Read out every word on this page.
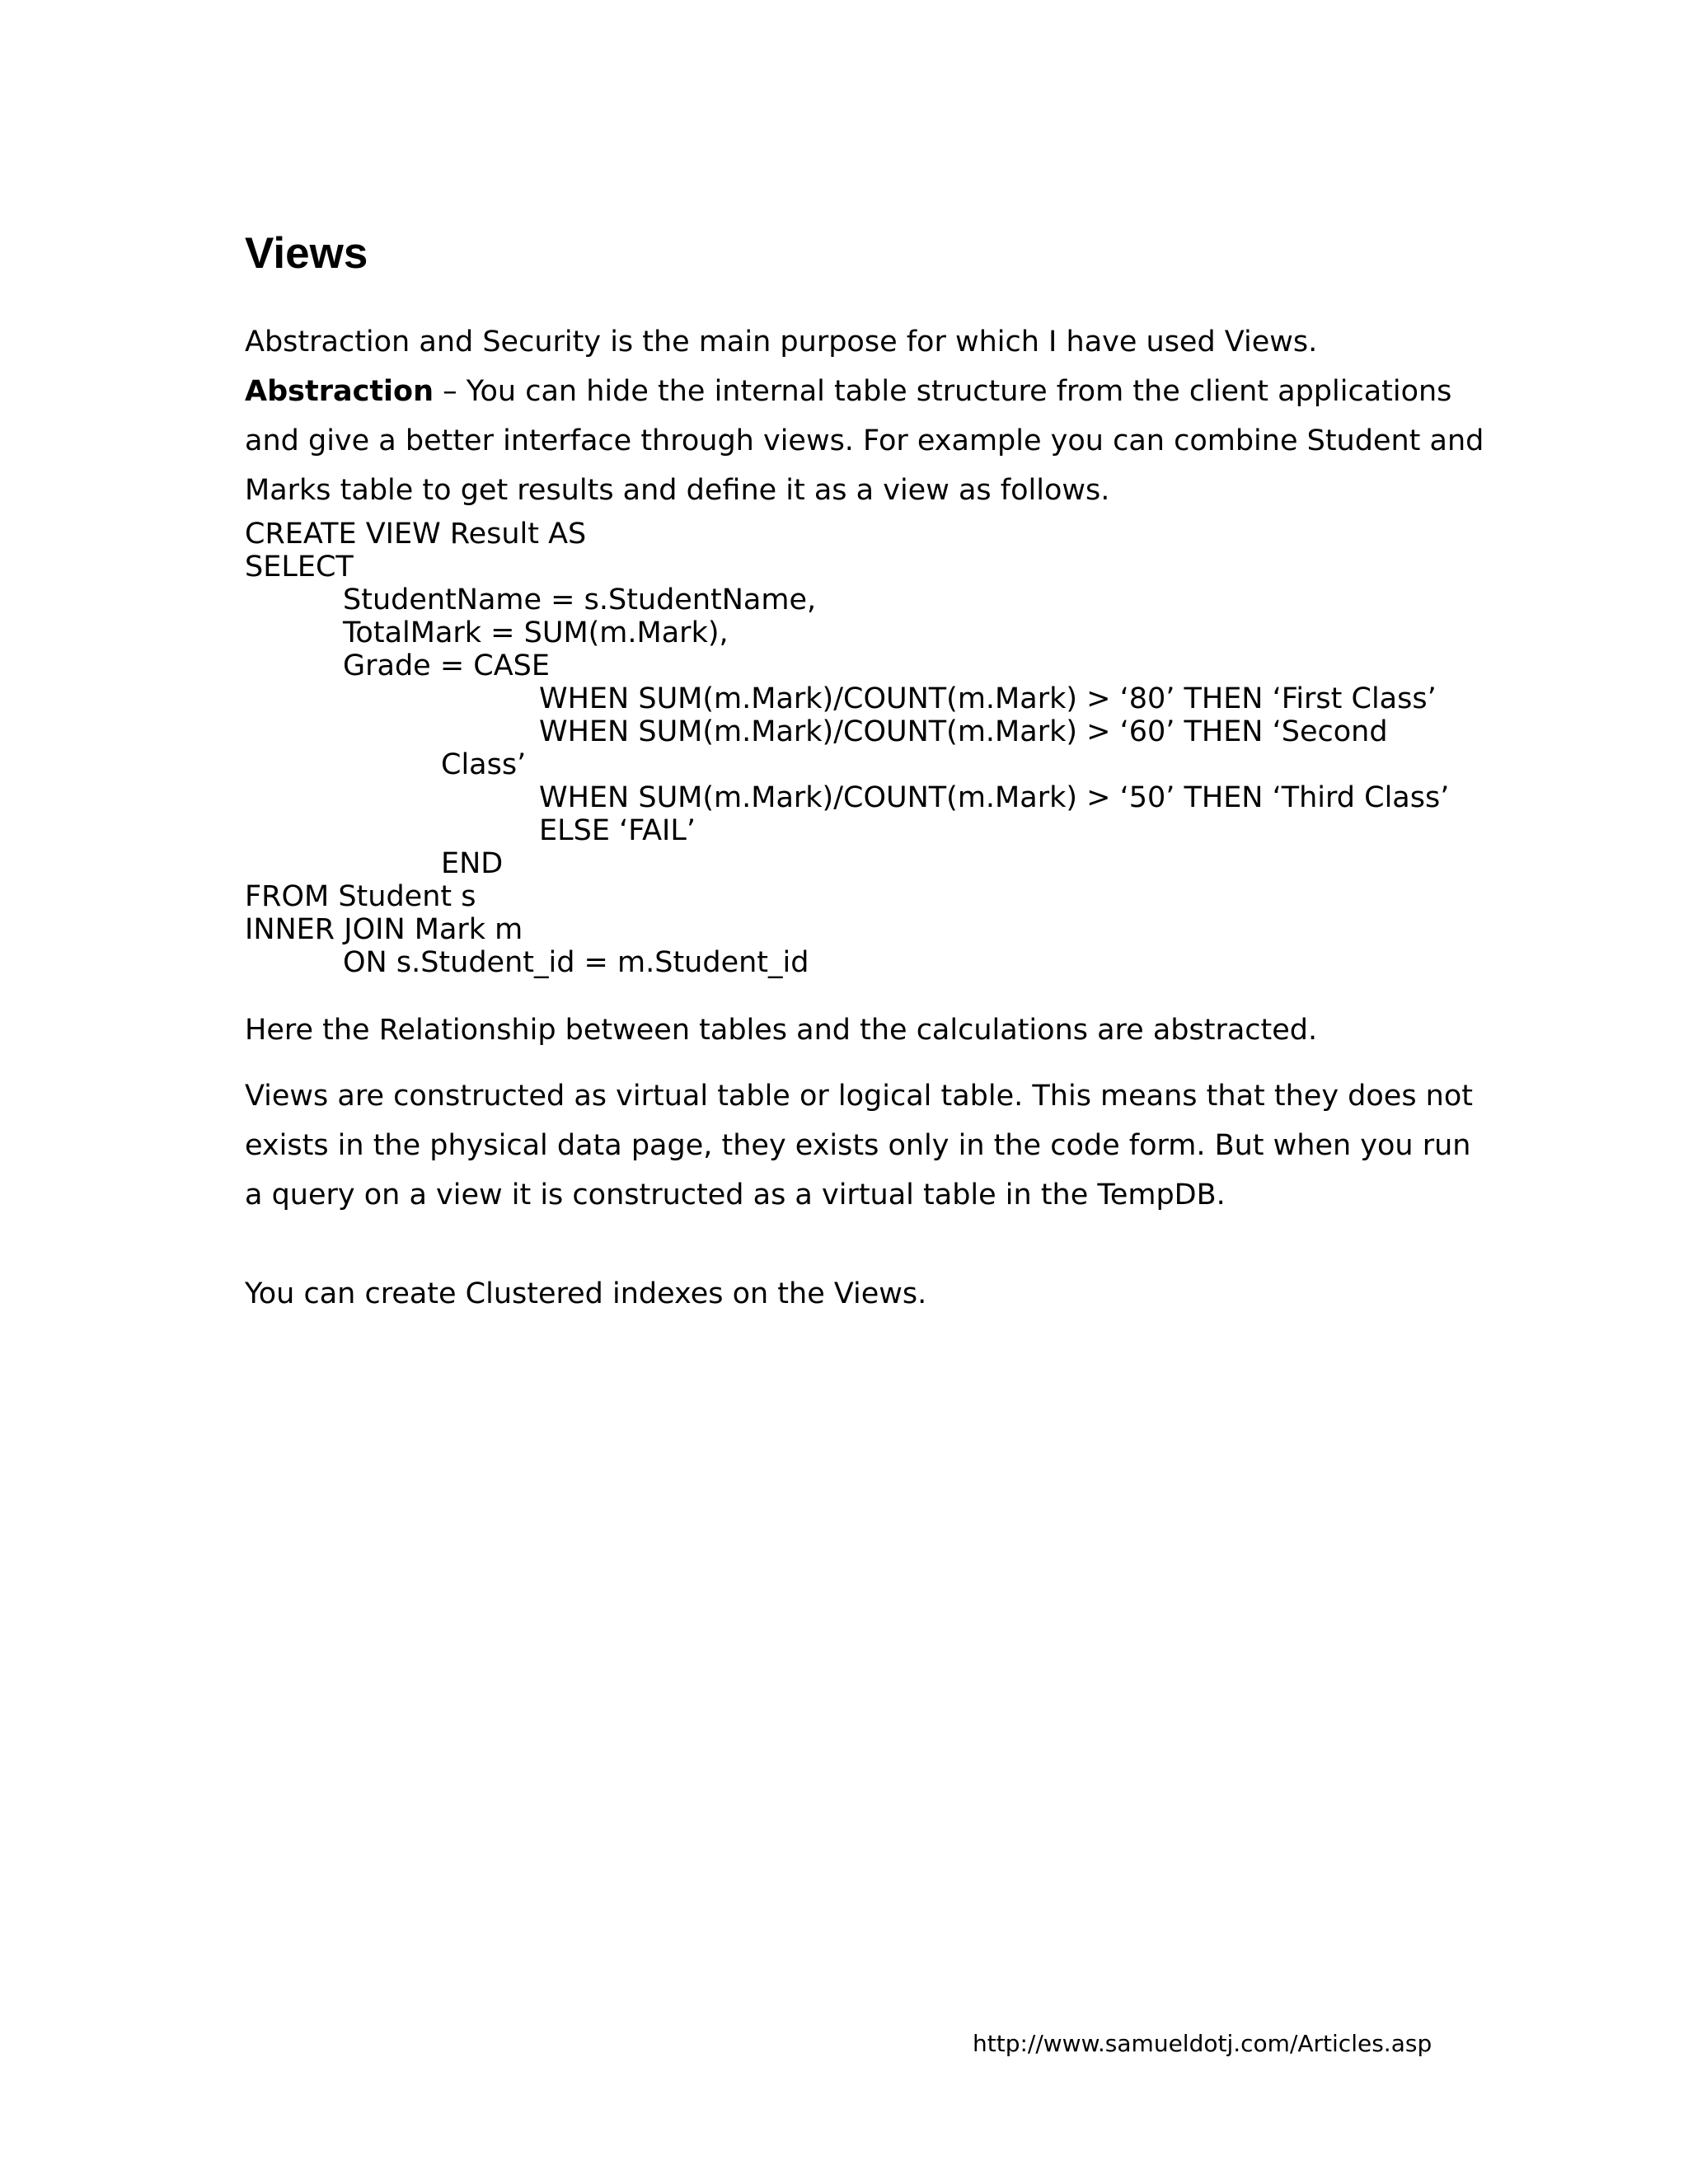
Views

Abstraction and Security is the main purpose for which I have used Views.

Abstraction – You can hide the internal table structure from the client applications
and give a better interface through views. For example you can combine Student and
Marks table to get results and define it as a view as follows.

CREATE VIEW Result AS
SELECT
StudentName = s.StudentName,
TotalMark = SUM(m.Mark),
Grade = CASE
WHEN SUM(m.Mark)/COUNT(m.Mark) > ‘80’ THEN ‘First Class’
WHEN SUM(m.Mark)/COUNT(m.Mark) > ‘60’ THEN ‘Second
Class’
WHEN SUM(m.Mark)/COUNT(m.Mark) > ‘50’ THEN ‘Third Class’
ELSE ‘FAIL’
END
FROM Student s
INNER JOIN Mark m
ON s.Student_id = m.Student_id

Here the Relationship between tables and the calculations are abstracted.

Views are constructed as virtual table or logical table. This means that they does not
exists in the physical data page, they exists only in the code form. But when you run
a query on a view it is constructed as a virtual table in the TempDB.

You can create Clustered indexes on the Views.

http://www.samueldotj.com/Articles.asp
